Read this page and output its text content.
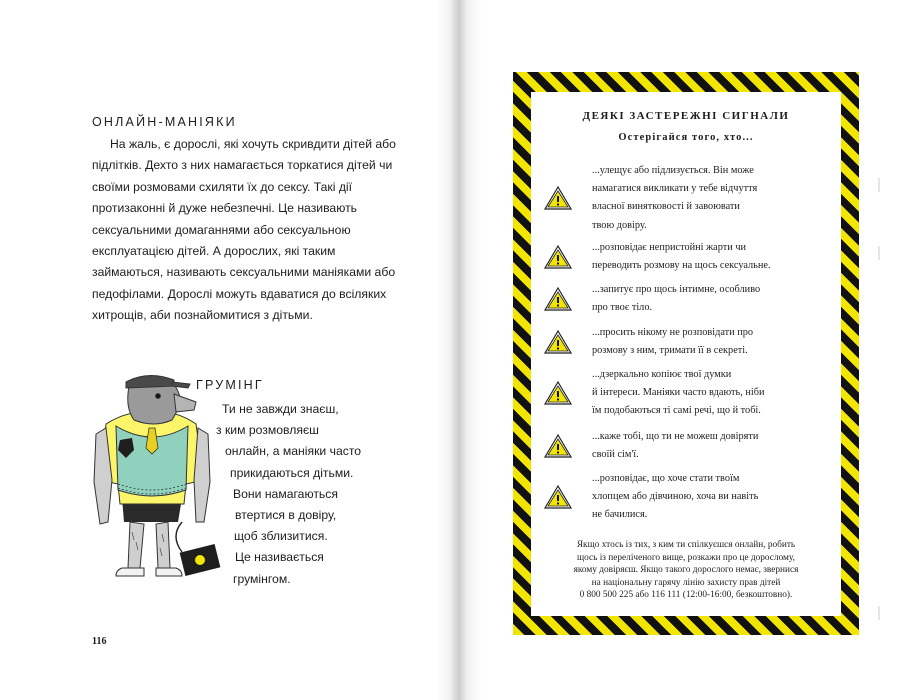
ОНЛАЙН-МАНІЯКИ

На жаль, є дорослі, які хочуть скривдити дітей або підлітків. Дехто з них намагається торкатися дітей чи своїми розмовами схиляти їх до сексу. Такі дії протизаконні й дуже небезпечні. Це називають сексуальними домаганнями або сексуальною експлуатацією дітей. А дорослих, які таким займаються, називають сексуальними маніяками або педофілами. Дорослі можуть вдаватися до всіляких хитрощів, аби познайомитися з дітьми.

ГРУМІНГ
Ти не завжди знаєш,
з ким розмовляєш
онлайн, а маніяки часто
прикидаються дітьми.
Вони намагаються
втертися в довіру,
щоб зблизитися.
Це називається
грумінгом.
116
ДЕЯКІ ЗАСТЕРЕЖНІ СИГНАЛИ
Остерігайся того, хто...
...улещує або підлизується. Він може
намагатися викликати у тебе відчуття
власної винятковості й завоювати
твою довіру.
...розповідає непристойні жарти чи
переводить розмову на щось сексуальне.
...запитує про щось інтимне, особливо
про твоє тіло.
...просить нікому не розповідати про
розмову з ним, тримати її в секреті.
...дзеркально копіює твої думки
й інтереси. Маніяки часто вдають, ніби
їм подобаються ті самі речі, що й тобі.
...каже тобі, що ти не можеш довіряти
своїй сім'ї.
...розповідає, що хоче стати твоїм
хлопцем або дівчиною, хоча ви навіть
не бачилися.
Якщо хтось із тих, з ким ти спілкуєшся онлайн, робить
щось із переліченого вище, розкажи про це дорослому,
якому довіряєш. Якщо такого дорослого немає, звернися
на національну гарячу лінію захисту прав дітей
0 800 500 225 або 116 111 (12:00-16:00, безкоштовно).
